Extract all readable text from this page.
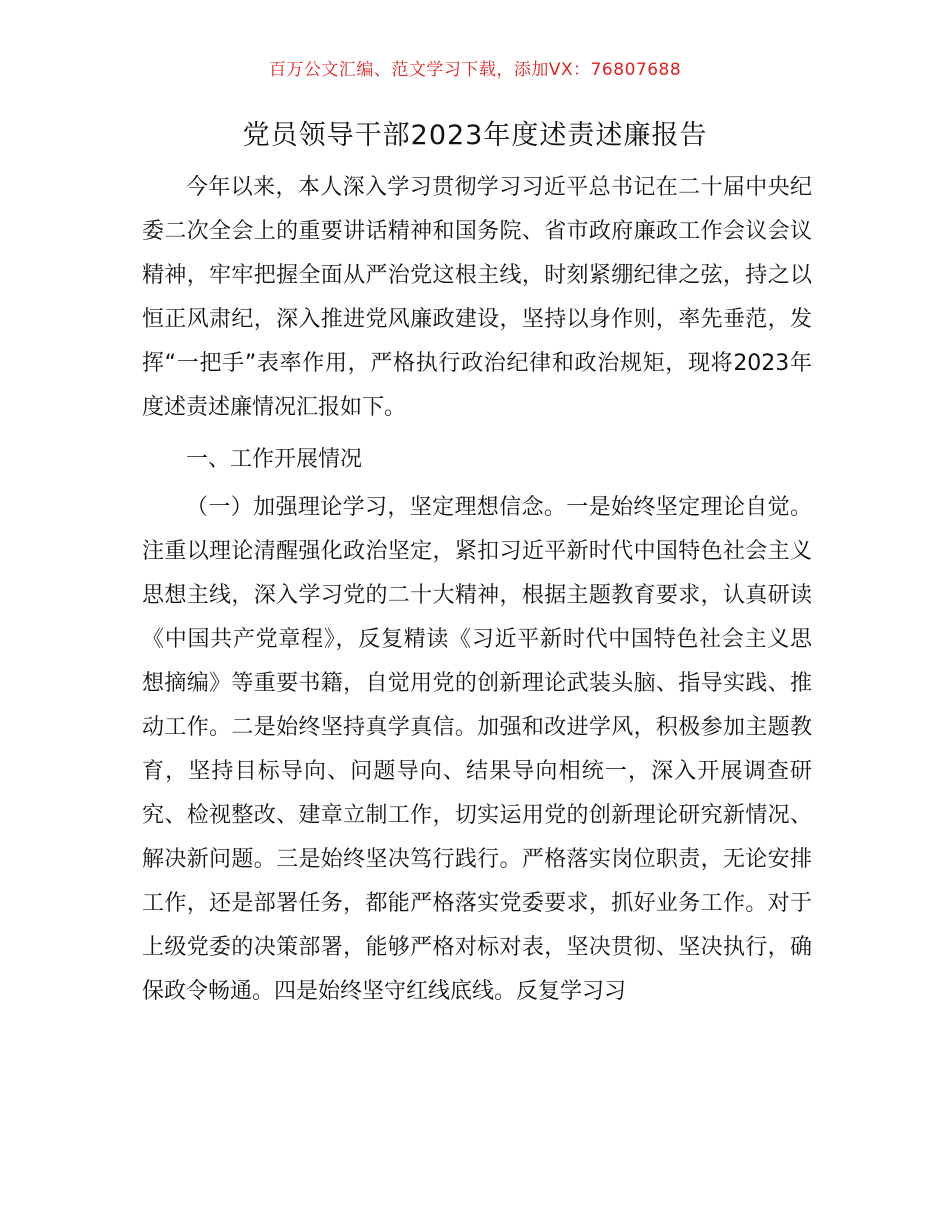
百万公文汇编、范文学习下载，添加VX：76807688
党员领导干部2023年度述责述廉报告

今年以来，本人深入学习贯彻学习习近平总书记在二十届中央纪委二次全会上的重要讲话精神和国务院、省市政府廉政工作会议会议精神，牢牢把握全面从严治党这根主线，时刻紧绷纪律之弦，持之以恒正风肃纪，深入推进党风廉政建设，坚持以身作则，率先垂范，发挥“一把手”表率作用，严格执行政治纪律和政治规矩，现将2023年度述责述廉情况汇报如下。

一、工作开展情况

（一）加强理论学习，坚定理想信念。一是始终坚定理论自觉。注重以理论清醒强化政治坚定，紧扣习近平新时代中国特色社会主义思想主线，深入学习党的二十大精神，根据主题教育要求，认真研读《中国共产党章程》，反复精读《习近平新时代中国特色社会主义思想摘编》等重要书籍，自觉用党的创新理论武装头脑、指导实践、推动工作。二是始终坚持真学真信。加强和改进学风，积极参加主题教育，坚持目标导向、问题导向、结果导向相统一，深入开展调查研究、检视整改、建章立制工作，切实运用党的创新理论研究新情况、解决新问题。三是始终坚决笃行践行。严格落实岗位职责，无论安排工作，还是部署任务，都能严格落实党委要求，抓好业务工作。对于上级党委的决策部署，能够严格对标对表，坚决贯彻、坚决执行，确保政令畅通。四是始终坚守红线底线。反复学习习
